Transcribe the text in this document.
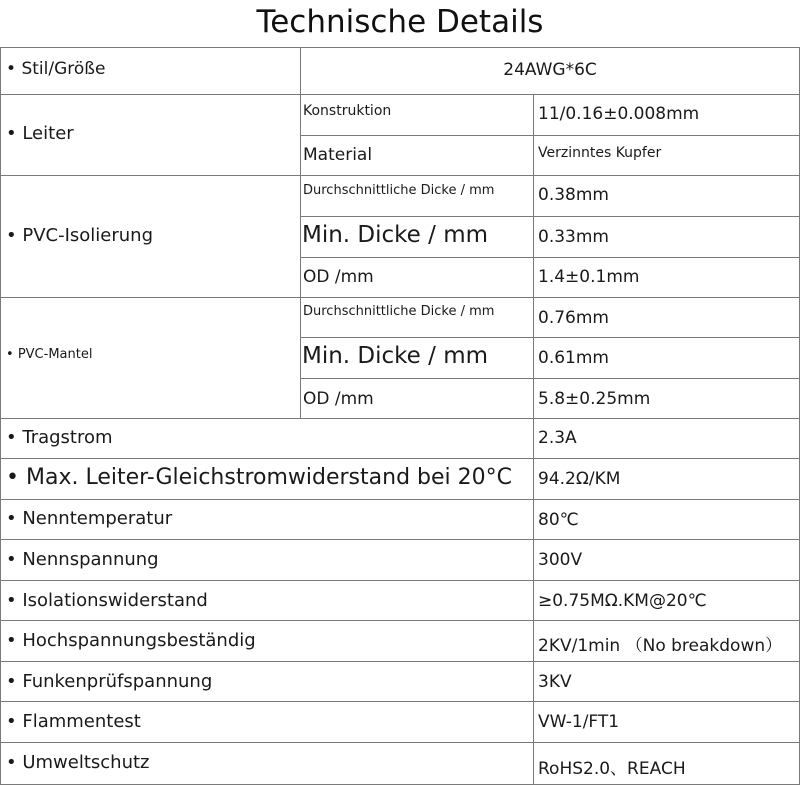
Technische Details
• Stil/Größe	24AWG*6C
• Leiter
Konstruktion	11/0.16±0.008mm
Material	Verzinntes Kupfer
• PVC-Isolierung
Durchschnittliche Dicke / mm	0.38mm
Min. Dicke / mm	0.33mm
OD /mm	1.4±0.1mm
• PVC-Mantel
Durchschnittliche Dicke / mm	0.76mm
Min. Dicke / mm	0.61mm
OD /mm	5.8±0.25mm
• Tragstrom	2.3A
• Max. Leiter-Gleichstromwiderstand bei 20°C 94.2Ω/KM
• Nenntemperatur	80℃
• Nennspannung	300V
• Isolationswiderstand	≥0.75MΩ.KM@20℃
• Hochspannungsbeständig	2KV/1min （No breakdown）
• Funkenprüfspannung	3KV
• Flammentest	VW-1/FT1
• Umweltschutz	RoHS2.0、REACH
